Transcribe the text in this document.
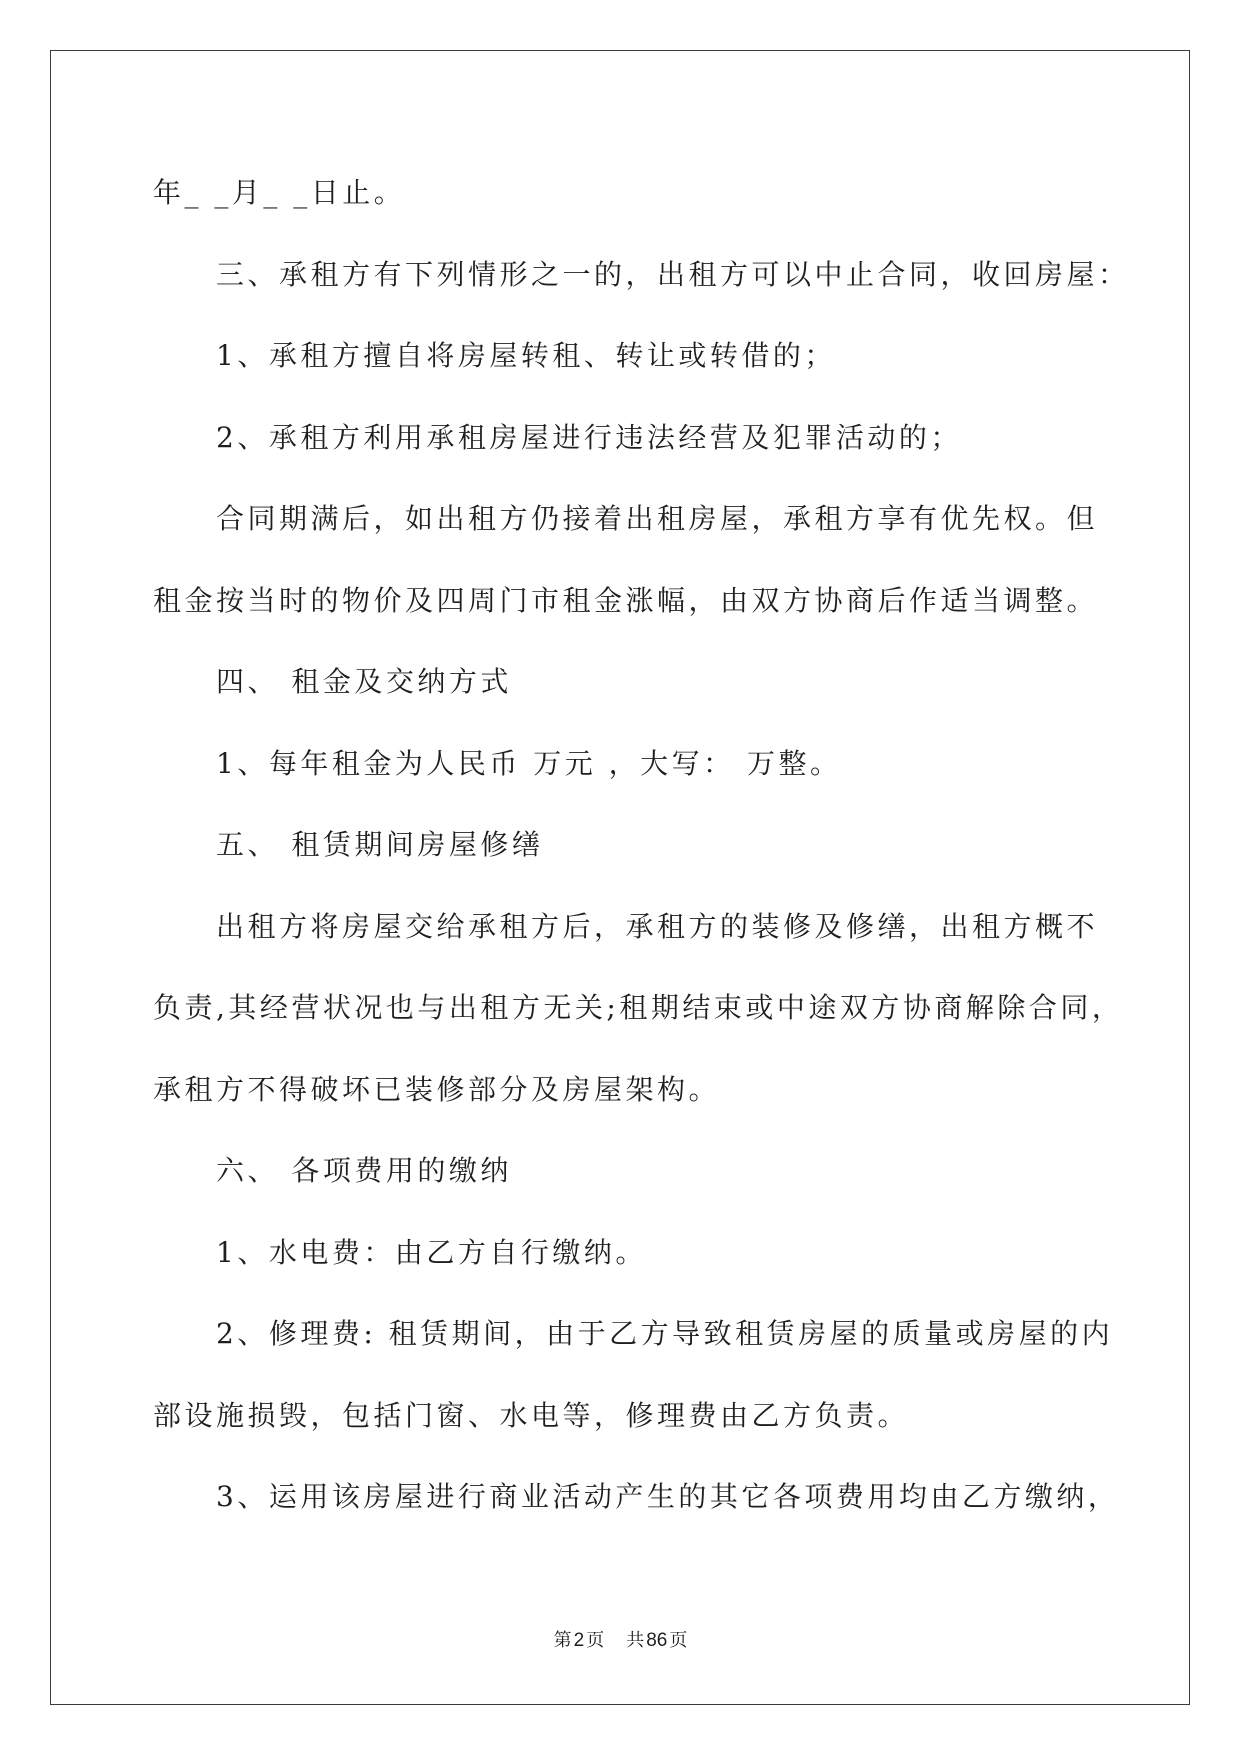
年_ _月_ _日止。
三、承租方有下列情形之一的，出租方可以中止合同，收回房屋：
1、承租方擅自将房屋转租、转让或转借的；
2、承租方利用承租房屋进行违法经营及犯罪活动的；
合同期满后，如出租方仍接着出租房屋，承租方享有优先权。但
租金按当时的物价及四周门市租金涨幅，由双方协商后作适当调整。
四、 租金及交纳方式
1、每年租金为人民币 万元 ，大写： 万整。
五、 租赁期间房屋修缮
出租方将房屋交给承租方后，承租方的装修及修缮，出租方概不
负责,其经营状况也与出租方无关;租期结束或中途双方协商解除合同，
承租方不得破坏已装修部分及房屋架构。
六、 各项费用的缴纳
1、水电费：由乙方自行缴纳。
2、修理费: 租赁期间，由于乙方导致租赁房屋的质量或房屋的内
部设施损毁，包括门窗、水电等，修理费由乙方负责。
3、运用该房屋进行商业活动产生的其它各项费用均由乙方缴纳，
第 2 页 共 86 页
